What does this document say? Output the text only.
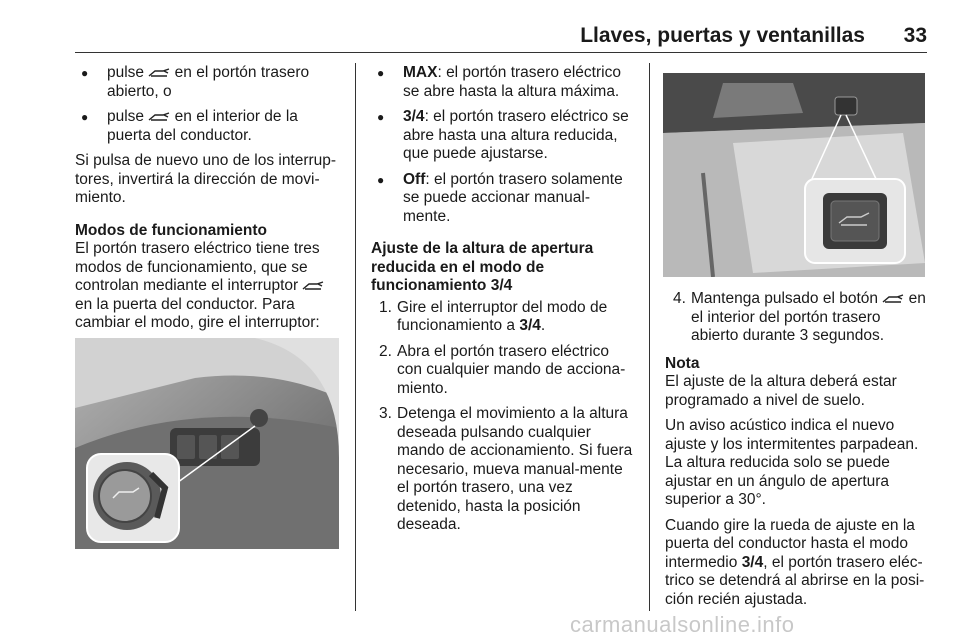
Llaves, puertas y ventanillas 33
● pulse
en el portón trasero abierto, o
● pulse
en el interior de la puerta del conductor.

Si pulsa de nuevo uno de los interrup-tores, invertirá la dirección de movi-miento.

Modos de funcionamiento

El portón trasero eléctrico tiene tres modos de funcionamiento, que se controlan mediante el interruptor
en la puerta del conductor. Para cambiar el modo, gire el interruptor:

● MAX: el portón trasero eléctrico se abre hasta la altura máxima.
● 3/4: el portón trasero eléctrico se abre hasta una altura reducida, que puede ajustarse.
● Off: el portón trasero solamente se puede accionar manual-mente.

Ajuste de la altura de apertura reducida en el modo de funcionamiento 3/4

1. Gire el interruptor del modo de funcionamiento a 3/4.
2. Abra el portón trasero eléctrico con cualquier mando de acciona-miento.
3. Detenga el movimiento a la altura deseada pulsando cualquier mando de accionamiento. Si fuera necesario, mueva manual-mente el portón trasero, una vez detenido, hasta la posición deseada.
4. Mantenga pulsado el botón
en el interior del portón trasero abierto durante 3 segundos.

Nota

El ajuste de la altura deberá estar programado a nivel de suelo.

Un aviso acústico indica el nuevo ajuste y los intermitentes parpadean. La altura reducida solo se puede ajustar en un ángulo de apertura superior a 30°.

Cuando gire la rueda de ajuste en la puerta del conductor hasta el modo intermedio 3/4, el portón trasero eléc-trico se detendrá al abrirse en la posi-ción recién ajustada.

carmanualsonline.info
